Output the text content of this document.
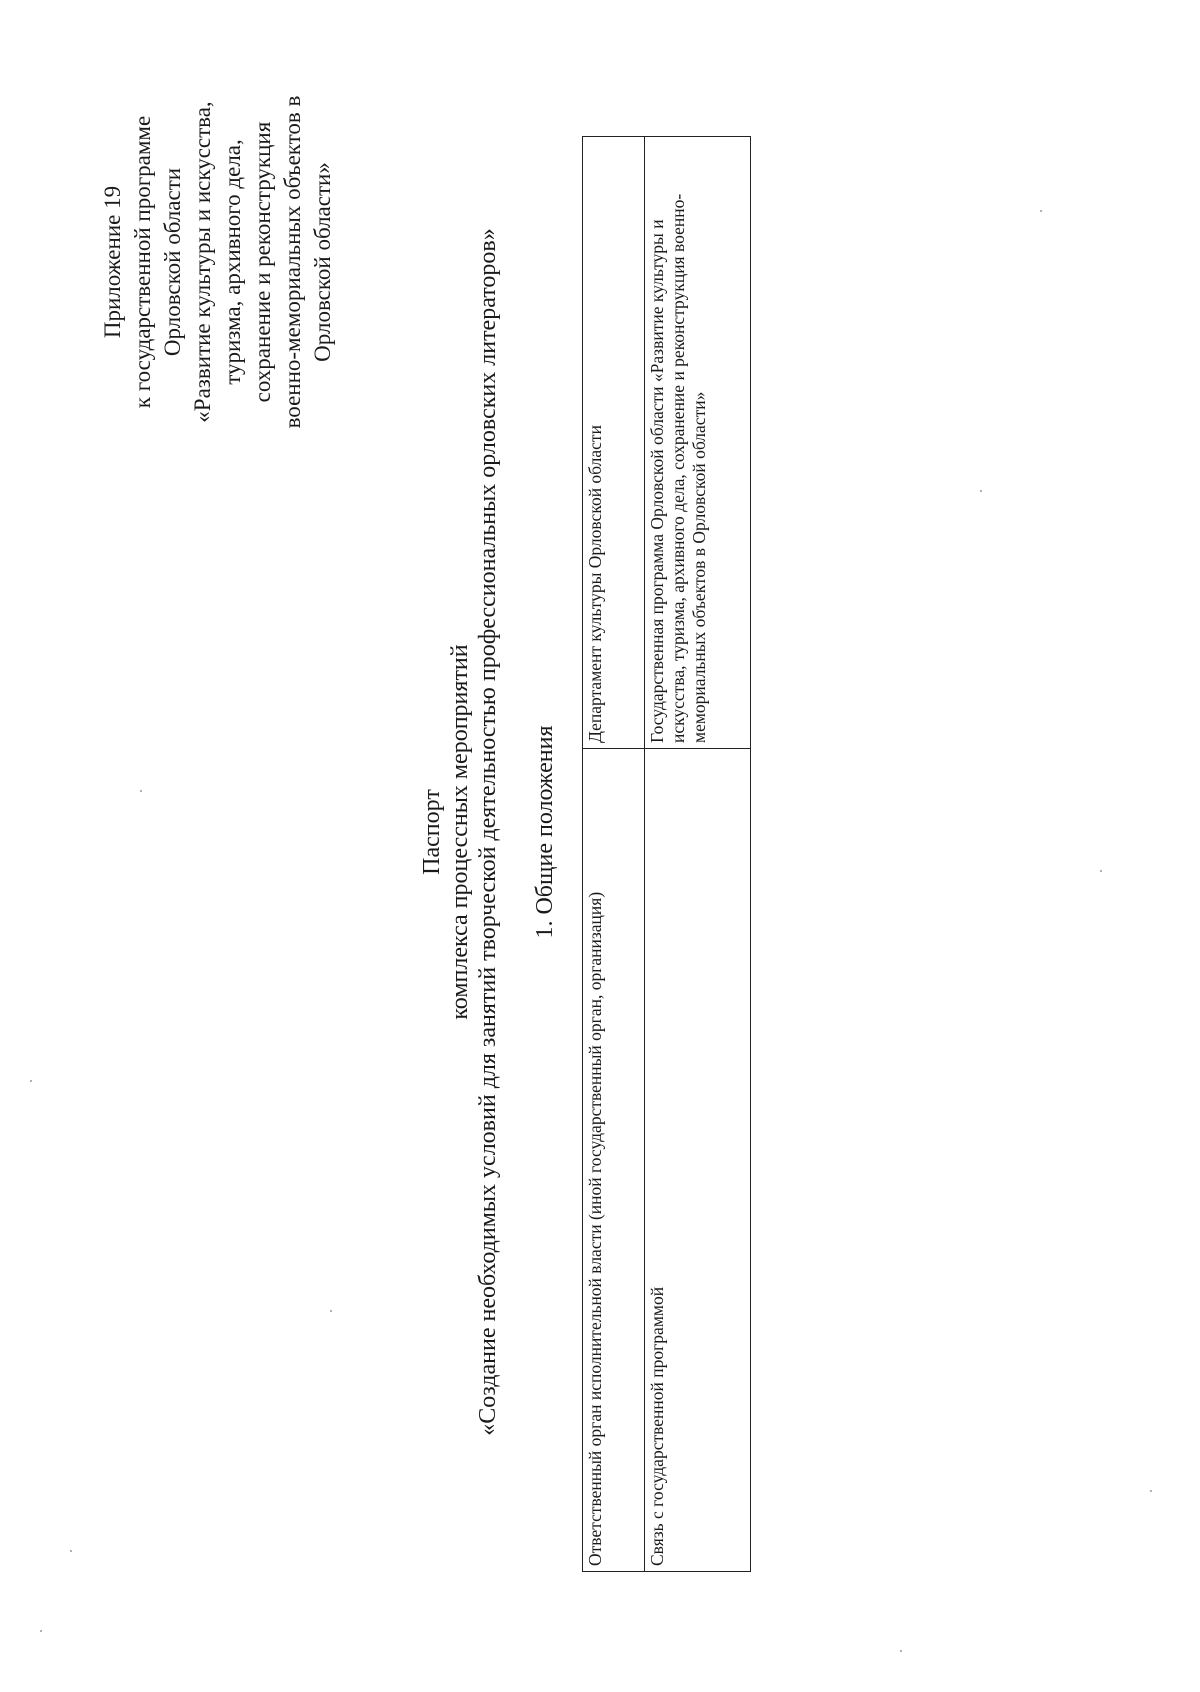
Приложение 19 к государственной программе Орловской области «Развитие культуры и искусства, туризма, архивного дела, сохранение и реконструкция военно-мемориальных объектов в Орловской области»
Паспорт комплекса процессных мероприятий «Создание необходимых условий для занятий творческой деятельностью профессиональных орловских литераторов» 1. Общие положения
Ответственный орган исполнительной власти (иной государственный орган, организация)	Департамент культуры Орловской области
Связь с государственной программой	Государственная программа Орловской области «Развитие культуры и искусства, туризма, архивного дела, сохранение и реконструкция военно-мемориальных объектов в Орловской области»
